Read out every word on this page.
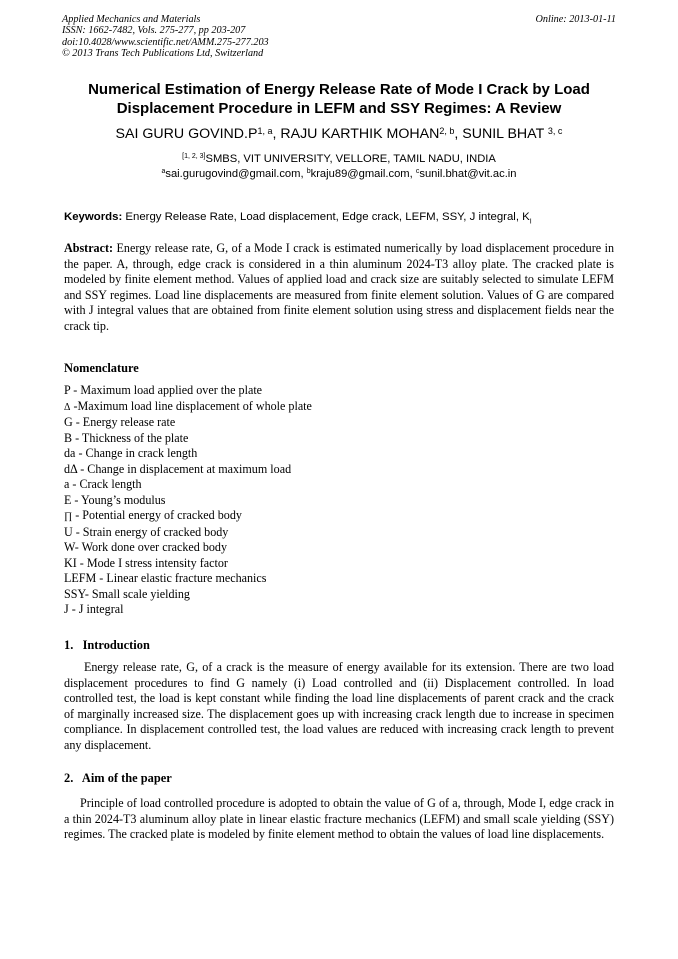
Applied Mechanics and Materials
ISSN: 1662-7482, Vols. 275-277, pp 203-207
doi:10.4028/www.scientific.net/AMM.275-277.203
© 2013 Trans Tech Publications Ltd, Switzerland
Online: 2013-01-11
Numerical Estimation of Energy Release Rate of Mode I Crack by Load
Displacement Procedure in LEFM and SSY Regimes: A Review
SAI GURU $GOVIND.P^{1, a}$, RAJU KARTHIK MOHAN$^{2, b}$, SUNIL BHAT $^{3, c}$
[1, 2, 3]SMBS, VIT UNIVERSITY, VELLORE, TAMIL NADU, INDIA
$^a$sai.gurugovind@gmail.com, $^b$kraju89@gmail.com, $^c$sunil.bhat@vit.ac.in
Keywords: Energy Release Rate, Load displacement, Edge crack, LEFM, SSY, J integral, $K_I$
Abstract: Energy release rate, G, of a Mode I crack is estimated numerically by load displacement procedure in the paper. A, through, edge crack is considered in a thin aluminum 2024-T3 alloy plate. The cracked plate is modeled by finite element method. Values of applied load and crack size are suitably selected to simulate LEFM and SSY regimes. Load line displacements are measured from finite element solution. Values of G are compared with J integral values that are obtained from finite element solution using stress and displacement fields near the crack tip.
Nomenclature
P - Maximum load applied over the plate
Δ -Maximum load line displacement of whole plate
G - Energy release rate
B - Thickness of the plate
da - Change in crack length
dΔ - Change in displacement at maximum load
a - Crack length
E - Young’s modulus
∏ - Potential energy of cracked body
U - Strain energy of cracked body
W- Work done over cracked body
KI - Mode I stress intensity factor
LEFM - Linear elastic fracture mechanics
SSY- Small scale yielding
J - J integral
1.   Introduction
Energy release rate, G, of a crack is the measure of energy available for its extension. There are two load displacement procedures to find G namely (i) Load controlled and (ii) Displacement controlled. In load controlled test, the load is kept constant while finding the load line displacements of parent crack and the crack of marginally increased size. The displacement goes up with increasing crack length due to increase in specimen compliance. In displacement controlled test, the load values are reduced with increasing crack length to prevent any displacement.
2.   Aim of the paper
Principle of load controlled procedure is adopted to obtain the value of G of a, through, Mode I, edge crack in a thin 2024-T3 aluminum alloy plate in linear elastic fracture mechanics (LEFM) and small scale yielding (SSY) regimes. The cracked plate is modeled by finite element method to obtain the values of load line displacements.
